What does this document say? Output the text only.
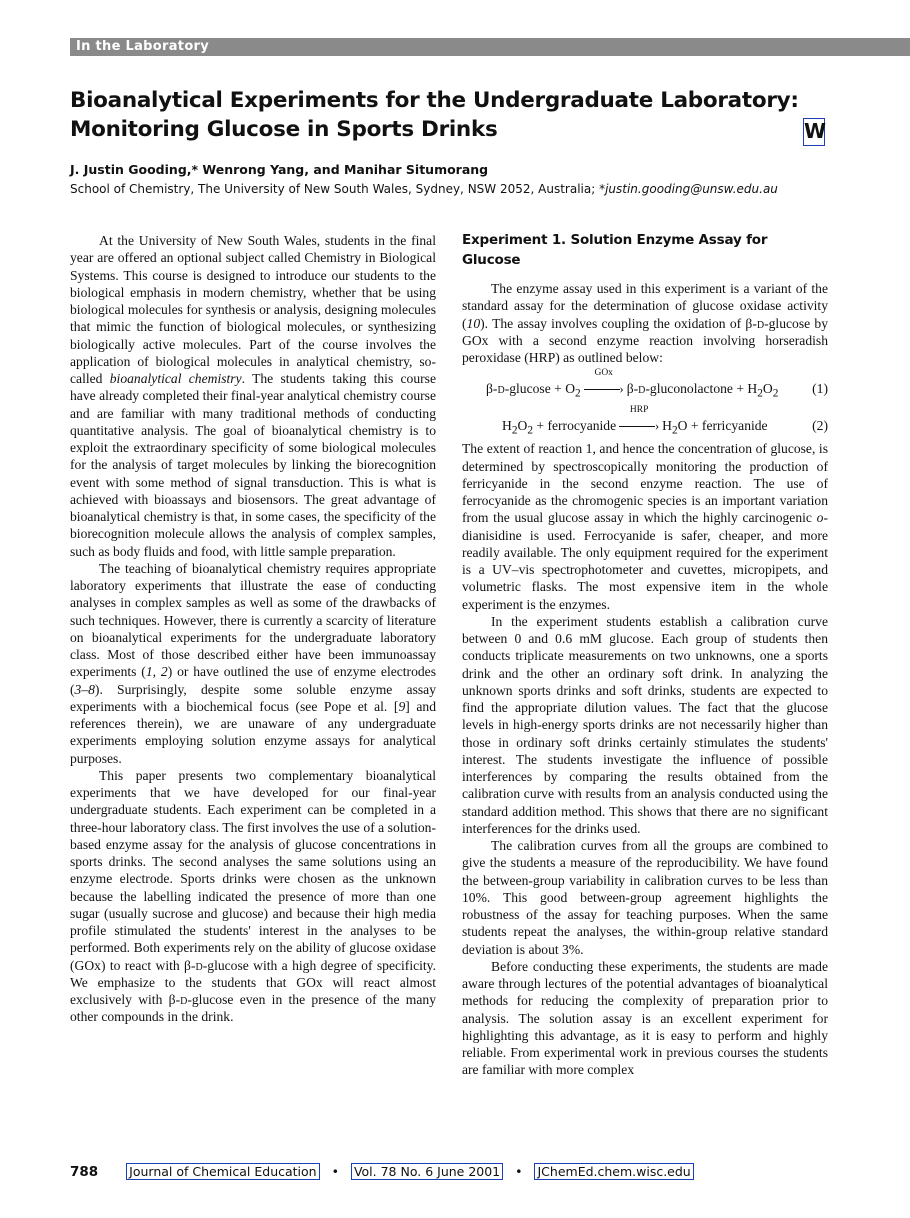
In the Laboratory
Bioanalytical Experiments for the Undergraduate Laboratory:
Monitoring Glucose in Sports Drinks	W
J. Justin Gooding,* Wenrong Yang, and Manihar Situmorang
School of Chemistry, The University of New South Wales, Sydney, NSW 2052, Australia; *justin.gooding@unsw.edu.au

At the University of New South Wales, students in the final year are offered an optional subject called Chemistry in Biological Systems. This course is designed to introduce our students to the biological emphasis in modern chemistry, whether that be using biological molecules for synthesis or analysis, designing molecules that mimic the function of biological molecules, or synthesizing biologically active molecules. Part of the course involves the application of biological molecules in analytical chemistry, so-called bioanalytical chemistry. The students taking this course have already completed their final-year analytical chemistry course and are familiar with many traditional methods of conducting quantitative analysis. The goal of bioanalytical chemistry is to exploit the extraordinary specificity of some biological molecules for the analysis of target molecules by linking the biorecognition event with some method of signal transduction. This is what is achieved with bioassays and biosensors. The great advantage of bioanalytical chemistry is that, in some cases, the specificity of the biorecognition molecule allows the analysis of complex samples, such as body fluids and food, with little sample preparation.

The teaching of bioanalytical chemistry requires appropriate laboratory experiments that illustrate the ease of conducting analyses in complex samples as well as some of the drawbacks of such techniques. However, there is currently a scarcity of literature on bioanalytical experiments for the undergraduate laboratory class. Most of those described either have been immunoassay experiments (1, 2) or have outlined the use of enzyme electrodes (3–8). Surprisingly, despite some soluble enzyme assay experiments with a biochemical focus (see Pope et al. [9] and references therein), we are unaware of any undergraduate experiments employing solution enzyme assays for analytical purposes.

This paper presents two complementary bioanalytical experiments that we have developed for our final-year undergraduate students. Each experiment can be completed in a three-hour laboratory class. The first involves the use of a solution-based enzyme assay for the analysis of glucose concentrations in sports drinks. The second analyses the same solutions using an enzyme electrode. Sports drinks were chosen as the unknown because the labelling indicated the presence of more than one sugar (usually sucrose and glucose) and because their high media profile stimulated the students' interest in the analyses to be performed. Both experiments rely on the ability of glucose oxidase (GOx) to react with β-d-glucose with a high degree of specificity. We emphasize to the students that GOx will react almost exclusively with β-d-glucose even in the presence of the many other compounds in the drink.

Experiment 1. Solution Enzyme Assay for Glucose

The enzyme assay used in this experiment is a variant of the standard assay for the determination of glucose oxidase activity (10). The assay involves coupling the oxidation of β-d-glucose by GOx with a second enzyme reaction involving horseradish peroxidase (HRP) as outlined below:

$\beta-d-glucose + O_2$
GOx
› β-d-gluconolactone + $H_2O_2$ (1)
$H_2O_2$ + ferrocyanide
HRP
› $H_2O$ + ferricyanide	(2)

The extent of reaction 1, and hence the concentration of glucose, is determined by spectroscopically monitoring the production of ferricyanide in the second enzyme reaction. The use of ferrocyanide as the chromogenic species is an important variation from the usual glucose assay in which the highly carcinogenic o-dianisidine is used. Ferrocyanide is safer, cheaper, and more readily available. The only equipment required for the experiment is a UV–vis spectrophotometer and cuvettes, micropipets, and volumetric flasks. The most expensive item in the whole experiment is the enzymes.

In the experiment students establish a calibration curve between 0 and 0.6 mM glucose. Each group of students then conducts triplicate measurements on two unknowns, one a sports drink and the other an ordinary soft drink. In analyzing the unknown sports drinks and soft drinks, students are expected to find the appropriate dilution values. The fact that the glucose levels in high-energy sports drinks are not necessarily higher than those in ordinary soft drinks certainly stimulates the students' interest. The students investigate the influence of possible interferences by comparing the results obtained from the calibration curve with results from an analysis conducted using the standard addition method. This shows that there are no significant interferences for the drinks used.

The calibration curves from all the groups are combined to give the students a measure of the reproducibility. We have found the between-group variability in calibration curves to be less than 10%. This good between-group agreement highlights the robustness of the assay for teaching purposes. When the same students repeat the analyses, the within-group relative standard deviation is about 3%.

Before conducting these experiments, the students are made aware through lectures of the potential advantages of bioanalytical methods for reducing the complexity of preparation prior to analysis. The solution assay is an excellent experiment for highlighting this advantage, as it is easy to perform and highly reliable. From experimental work in previous courses the students are familiar with more complex

788 Journal of Chemical Education • Vol. 78 No. 6 June 2001 • JChemEd.chem.wisc.edu
